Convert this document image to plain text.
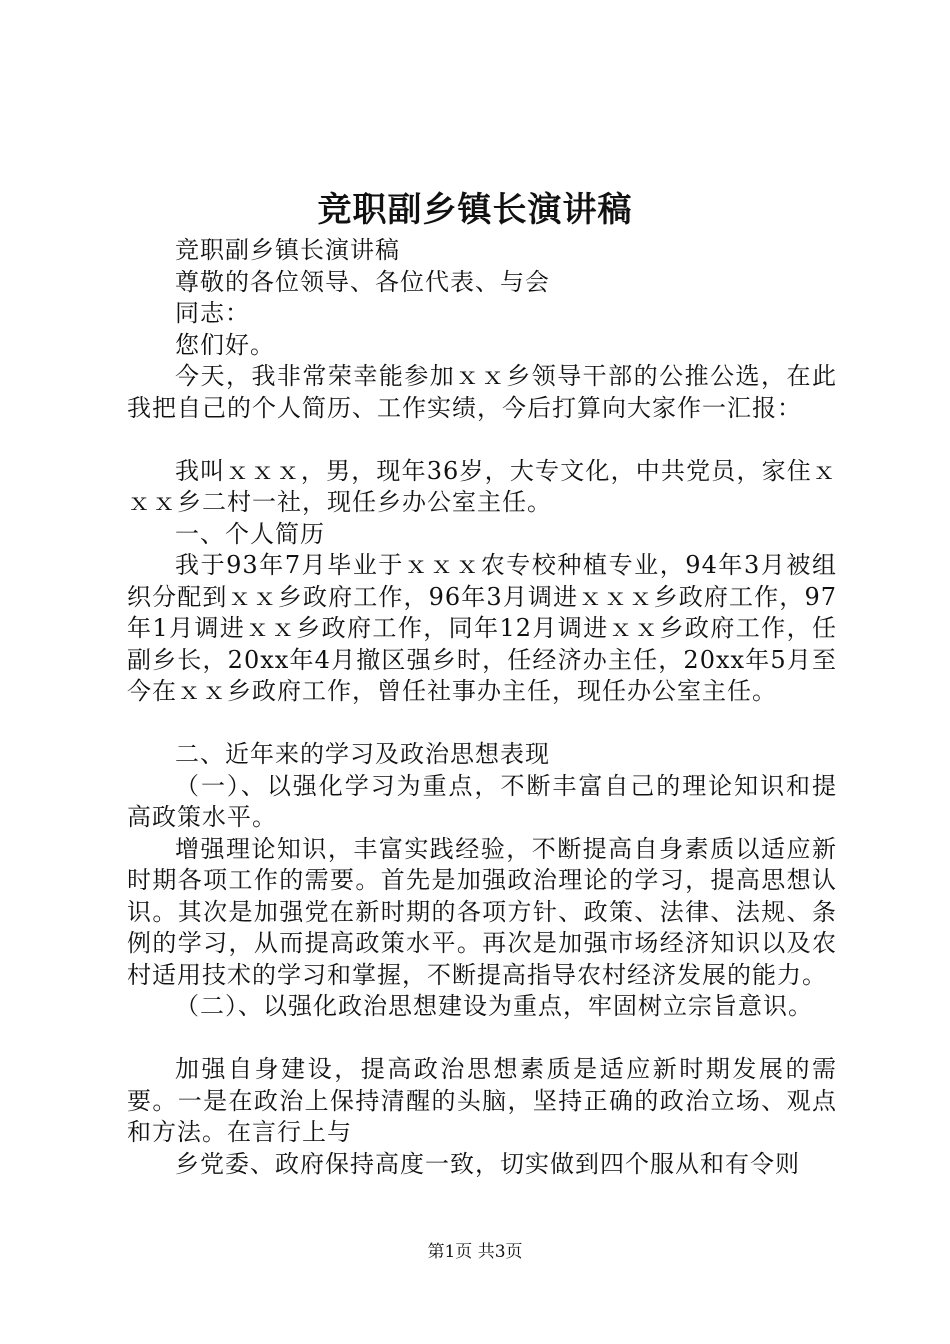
竞职副乡镇长演讲稿

竞职副乡镇长演讲稿

尊敬的各位领导、各位代表、与会

同志：

您们好。

今天，我非常荣幸能参加ｘｘ乡领导干部的公推公选，在此我把自己的个人简历、工作实绩，今后打算向大家作一汇报：

我叫ｘｘｘ，男，现年36岁，大专文化，中共党员，家住ｘｘｘ乡二村一社，现任乡办公室主任。

一、个人简历

我于93年7月毕业于ｘｘｘ农专校种植专业，94年3月被组织分配到ｘｘ乡政府工作，96年3月调进ｘｘｘ乡政府工作，97年1月调进ｘｘ乡政府工作，同年12月调进ｘｘ乡政府工作，任副乡长，20xx年4月撤区强乡时，任经济办主任，20xx年5月至今在ｘｘ乡政府工作，曾任社事办主任，现任办公室主任。

二、近年来的学习及政治思想表现

（一）、以强化学习为重点，不断丰富自己的理论知识和提高政策水平。

增强理论知识，丰富实践经验，不断提高自身素质以适应新时期各项工作的需要。首先是加强政治理论的学习，提高思想认识。其次是加强党在新时期的各项方针、政策、法律、法规、条例的学习，从而提高政策水平。再次是加强市场经济知识以及农村适用技术的学习和掌握，不断提高指导农村经济发展的能力。

（二）、以强化政治思想建设为重点，牢固树立宗旨意识。

加强自身建设，提高政治思想素质是适应新时期发展的需要。一是在政治上保持清醒的头脑，坚持正确的政治立场、观点和方法。在言行上与

乡党委、政府保持高度一致，切实做到四个服从和有令则

第1页 共3页
